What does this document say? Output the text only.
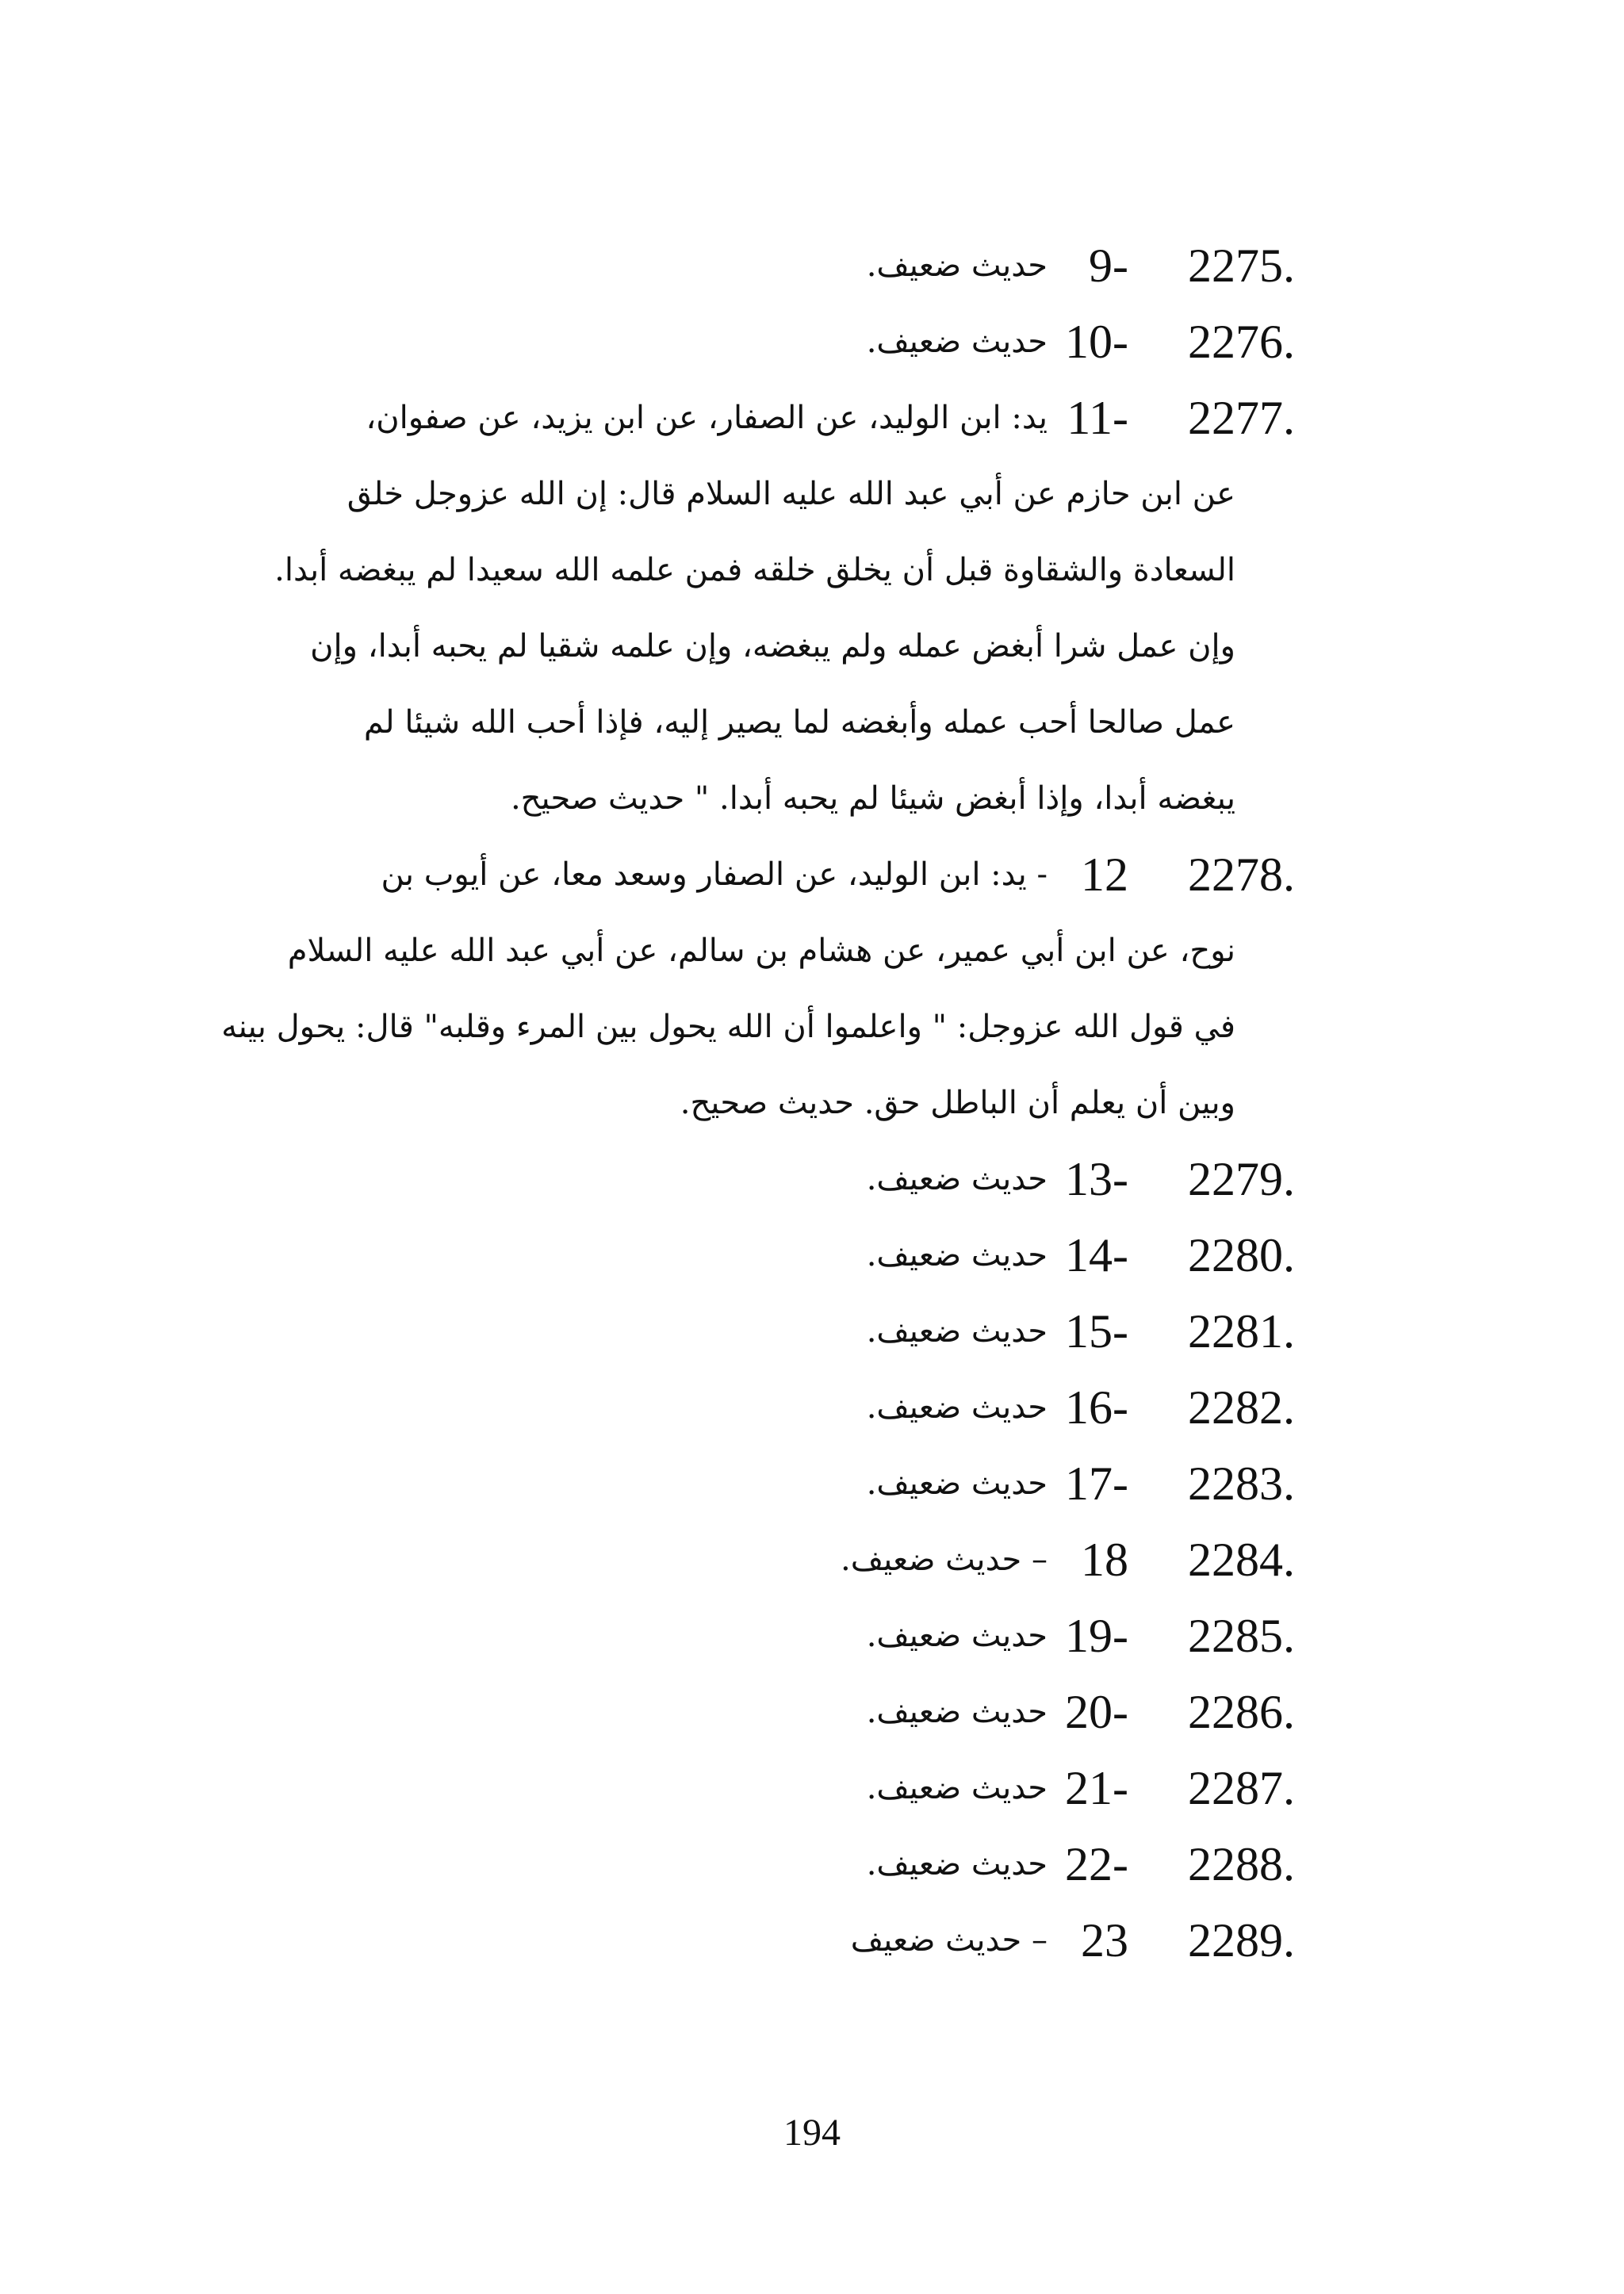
2275.
9-
حديث ضعيف.
2276.
10-
حديث ضعيف.
2277.
11-
يد: ابن الوليد، عن الصفار، عن ابن يزيد، عن صفوان،
عن ابن حازم عن أبي عبد الله عليه السلام قال: إن الله عزوجل خلق
السعادة والشقاوة قبل أن يخلق خلقه فمن علمه الله سعيدا لم يبغضه أبدا.
وإن عمل شرا أبغض عمله ولم يبغضه، وإن علمه شقيا لم يحبه أبدا، وإن
عمل صالحا أحب عمله وأبغضه لما يصير إليه، فإذا أحب الله شيئا لم
يبغضه أبدا، وإذا أبغض شيئا لم يحبه أبدا. " حديث صحيح.
2278.
12
- يد: ابن الوليد، عن الصفار وسعد معا، عن أيوب بن
نوح، عن ابن أبي عمير، عن هشام بن سالم، عن أبي عبد الله عليه السلام
في قول الله عزوجل: " واعلموا أن الله يحول بين المرء وقلبه" قال: يحول بينه
وبين أن يعلم أن الباطل حق. حديث صحيح.
2279.
13-
حديث ضعيف.
2280.
14-
حديث ضعيف.
2281.
15-
حديث ضعيف.
2282.
16-
حديث ضعيف.
2283.
17-
حديث ضعيف.
2284.
18
– حديث ضعيف.
2285.
19-
حديث ضعيف.
2286.
20-
حديث ضعيف.
2287.
21-
حديث ضعيف.
2288.
22-
حديث ضعيف.
2289.
23
– حديث ضعيف
194
